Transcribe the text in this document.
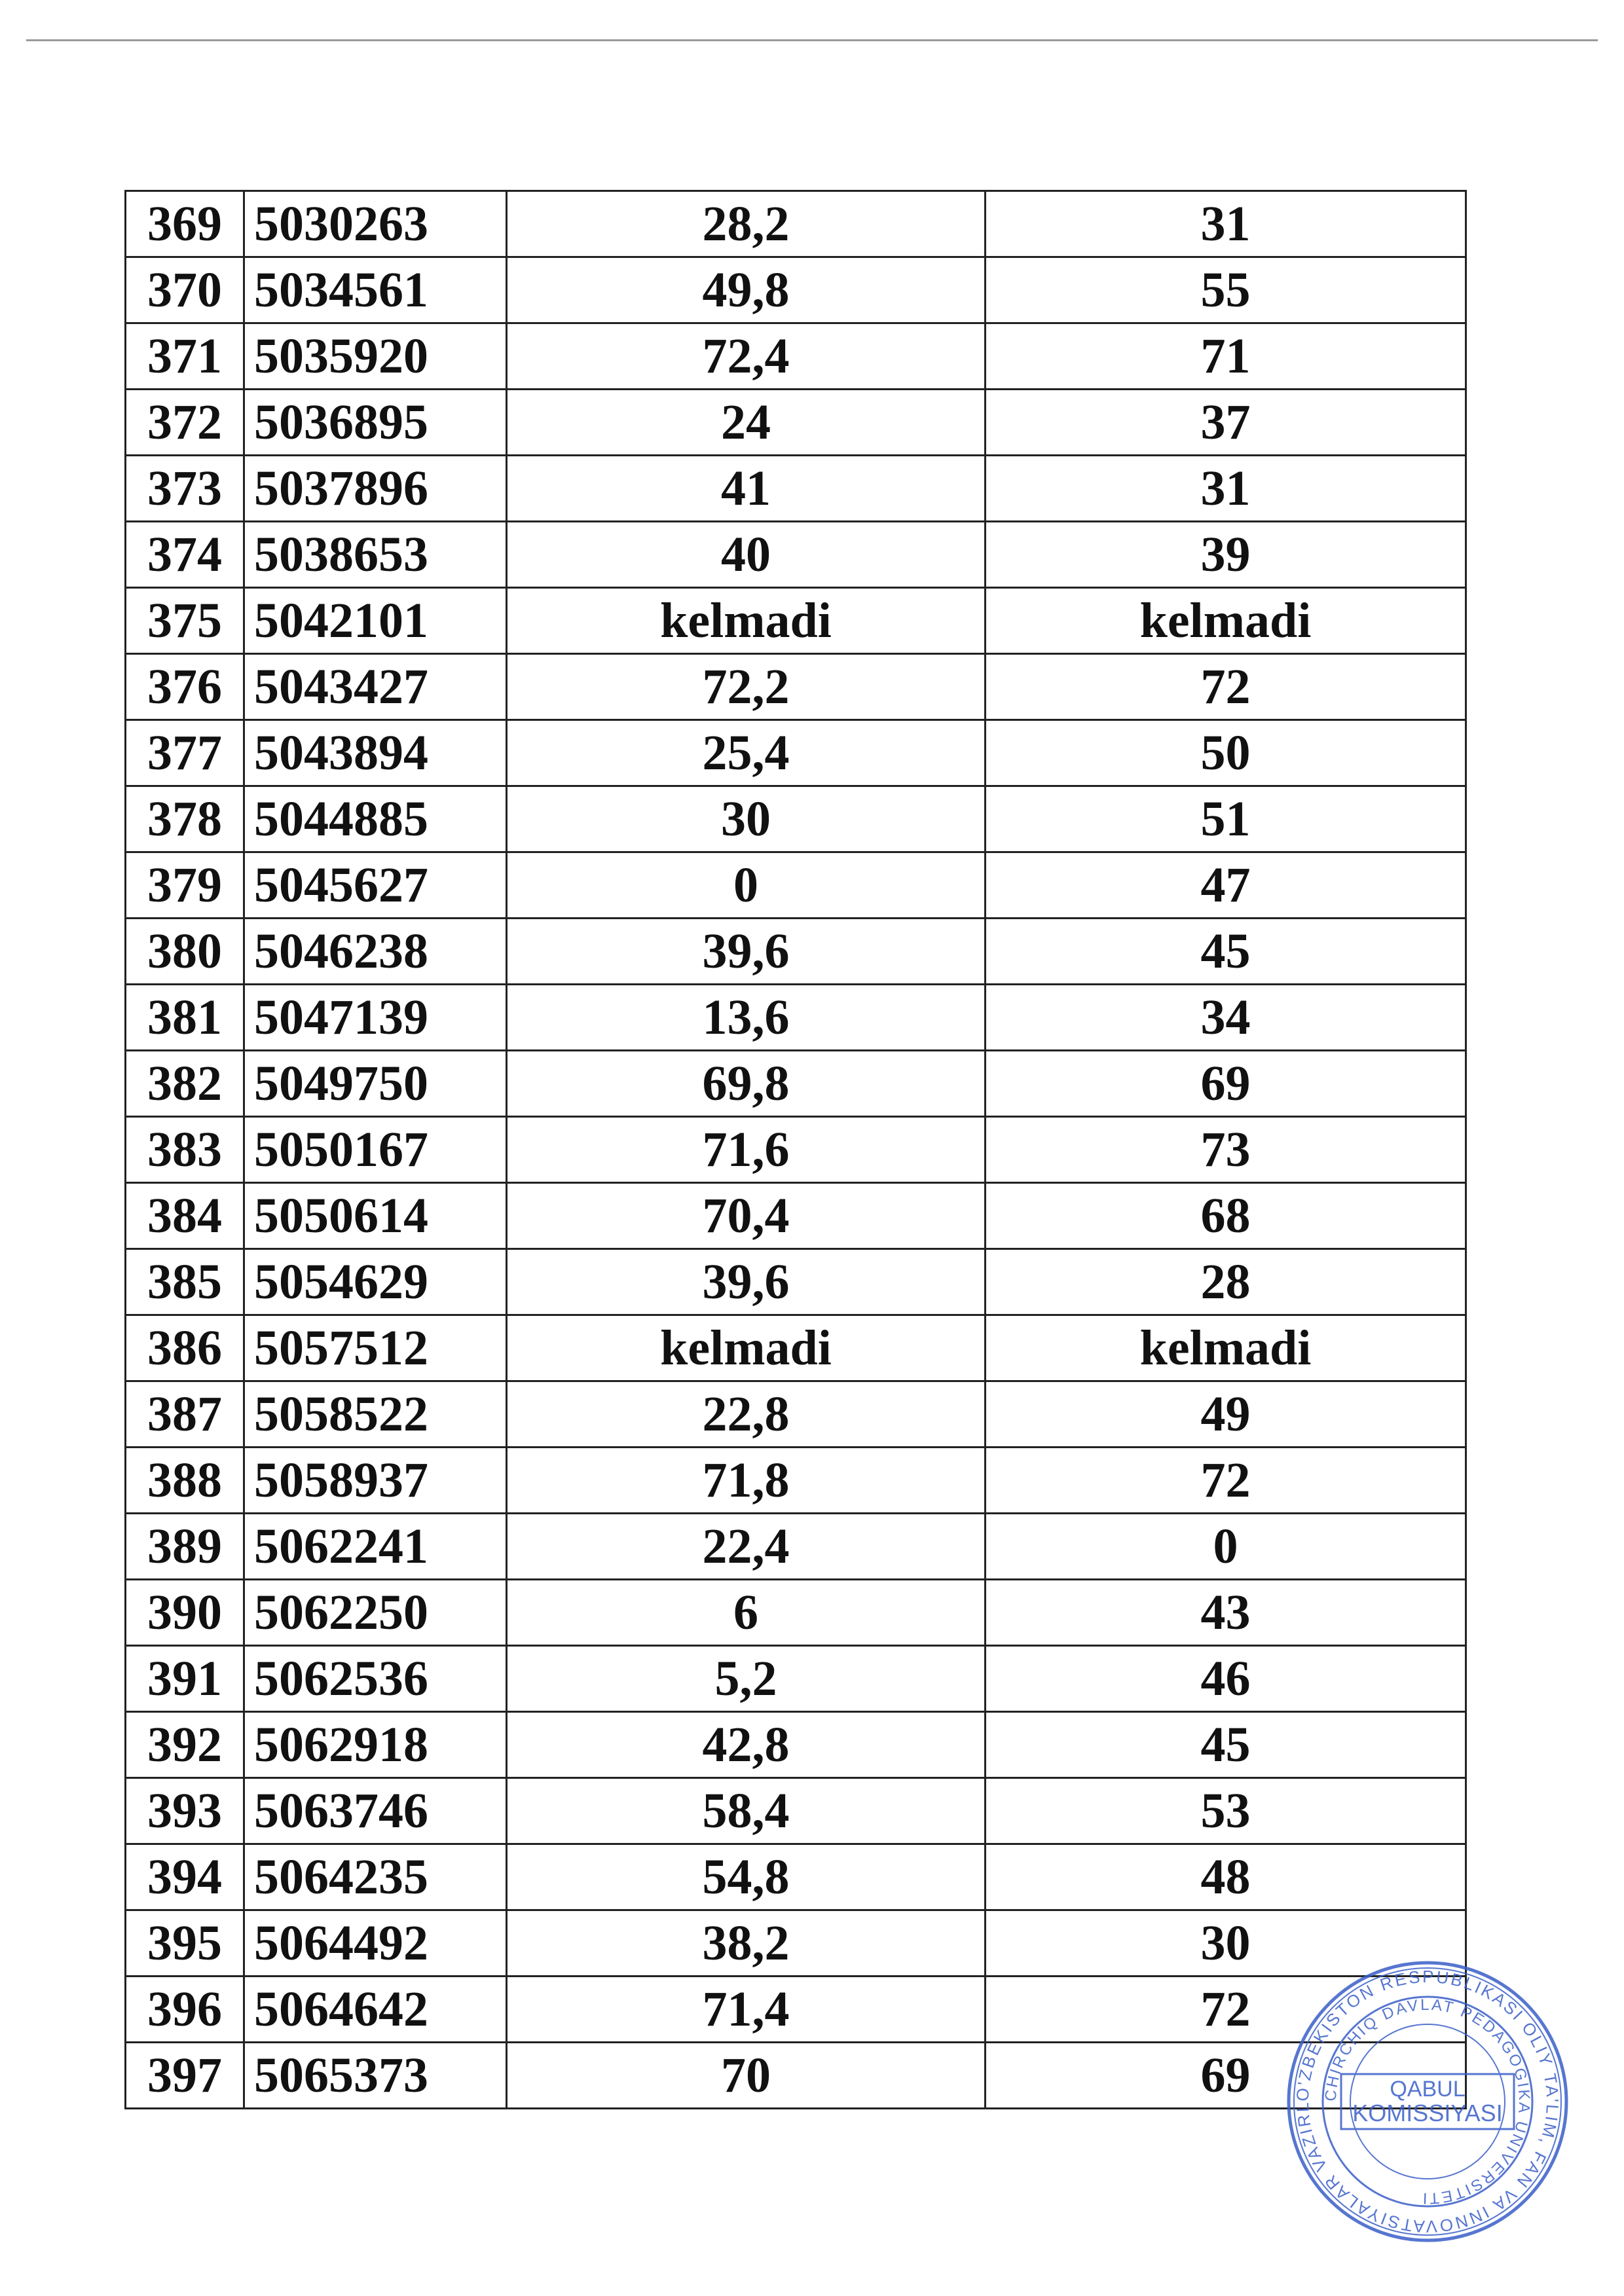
369	5030263	28,2	31
370	5034561	49,8	55
371	5035920	72,4	71
372	5036895	24	37
373	5037896	41	31
374	5038653	40	39
375	5042101	kelmadi	kelmadi
376	5043427	72,2	72
377	5043894	25,4	50
378	5044885	30	51
379	5045627	0	47
380	5046238	39,6	45
381	5047139	13,6	34
382	5049750	69,8	69
383	5050167	71,6	73
384	5050614	70,4	68
385	5054629	39,6	28
386	5057512	kelmadi	kelmadi
387	5058522	22,8	49
388	5058937	71,8	72
389	5062241	22,4	0
390	5062250	6	43
391	5062536	5,2	46
392	5062918	42,8	45
393	5063746	58,4	53
394	5064235	54,8	48
395	5064492	38,2	30
396	5064642	71,4	72
397	5065373	70	69	O'ZBEKISTON RESPUBLIKASI OLIY TA'LIM, FAN VA INNOVATSIYALAR VAZIRL
CHIRCHIQ DAVLAT PEDAGOGIKA UNIVERSITETI
QABUL
KOMISSIYASI
